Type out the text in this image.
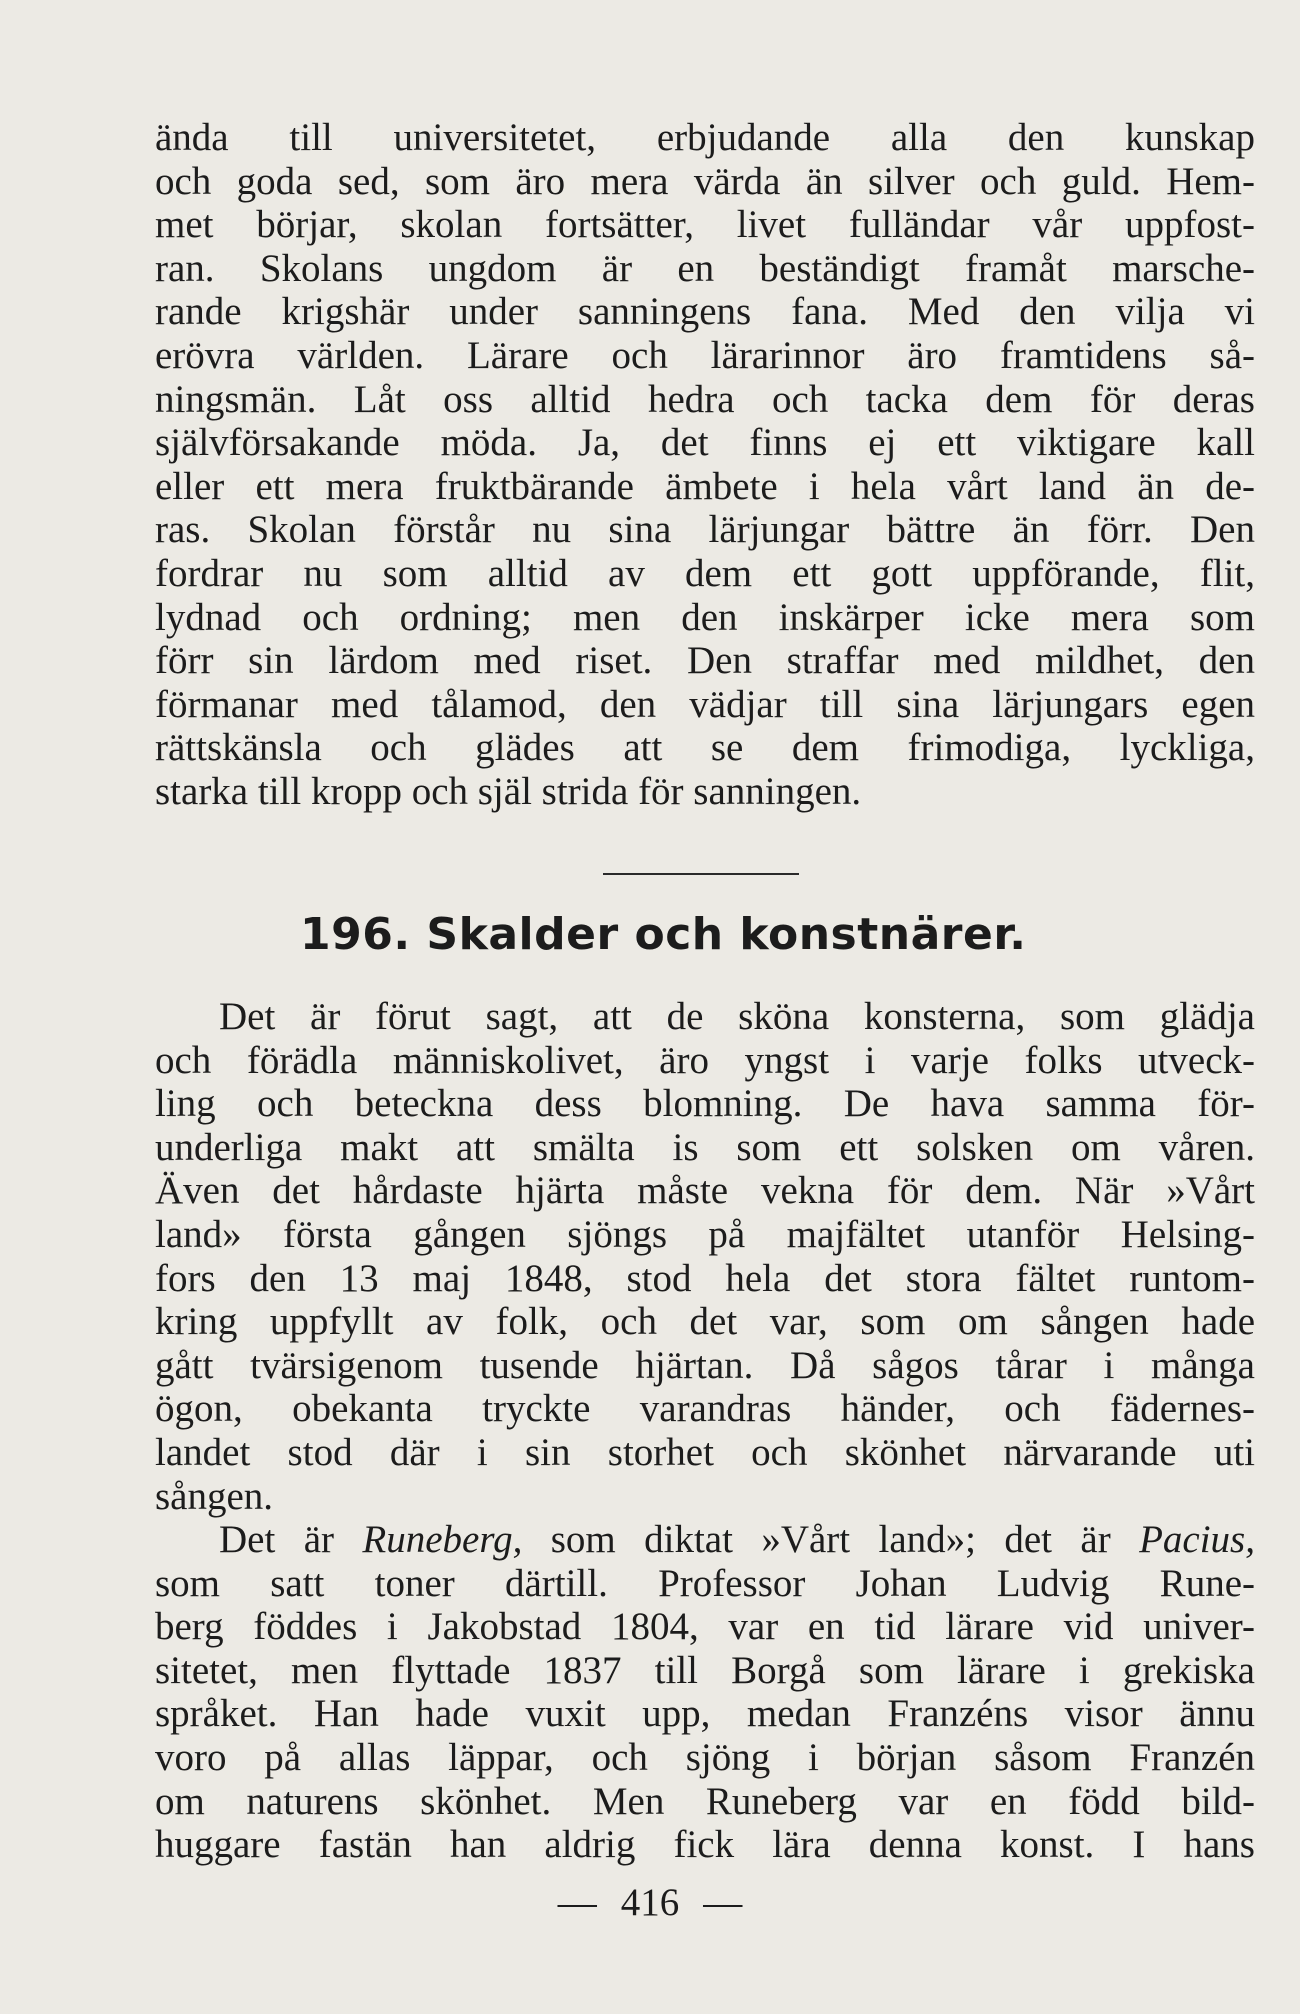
ända till universitetet, erbjudande alla den kunskap

och goda sed, som äro mera värda än silver och guld. Hem-

met börjar, skolan fortsätter, livet fulländar vår uppfost-

ran. Skolans ungdom är en beständigt framåt marsche-

rande krigshär under sanningens fana. Med den vilja vi

erövra världen. Lärare och lärarinnor äro framtidens så-

ningsmän. Låt oss alltid hedra och tacka dem för deras

självförsakande möda. Ja, det finns ej ett viktigare kall

eller ett mera fruktbärande ämbete i hela vårt land än de-

ras. Skolan förstår nu sina lärjungar bättre än förr. Den

fordrar nu som alltid av dem ett gott uppförande, flit,

lydnad och ordning; men den inskärper icke mera som

förr sin lärdom med riset. Den straffar med mildhet, den

förmanar med tålamod, den vädjar till sina lärjungars egen

rättskänsla och glädes att se dem frimodiga, lyckliga,

starka till kropp och själ strida för sanningen.

196. Skalder och konstnärer.

Det är förut sagt, att de sköna konsterna, som glädja

och förädla människolivet, äro yngst i varje folks utveck-

ling och beteckna dess blomning. De hava samma för-

underliga makt att smälta is som ett solsken om våren.

Även det hårdaste hjärta måste vekna för dem. När »Vårt

land» första gången sjöngs på majfältet utanför Helsing-

fors den 13 maj 1848, stod hela det stora fältet runtom-

kring uppfyllt av folk, och det var, som om sången hade

gått tvärsigenom tusende hjärtan. Då sågos tårar i många

ögon, obekanta tryckte varandras händer, och fädernes-

landet stod där i sin storhet och skönhet närvarande uti

sången.

Det är Runeberg, som diktat »Vårt land»; det är Pacius,

som satt toner därtill. Professor Johan Ludvig Rune-

berg föddes i Jakobstad 1804, var en tid lärare vid univer-

sitetet, men flyttade 1837 till Borgå som lärare i grekiska

språket. Han hade vuxit upp, medan Franzéns visor ännu

voro på allas läppar, och sjöng i början såsom Franzén

om naturens skönhet. Men Runeberg var en född bild-

huggare fastän han aldrig fick lära denna konst. I hans

— 416 —
